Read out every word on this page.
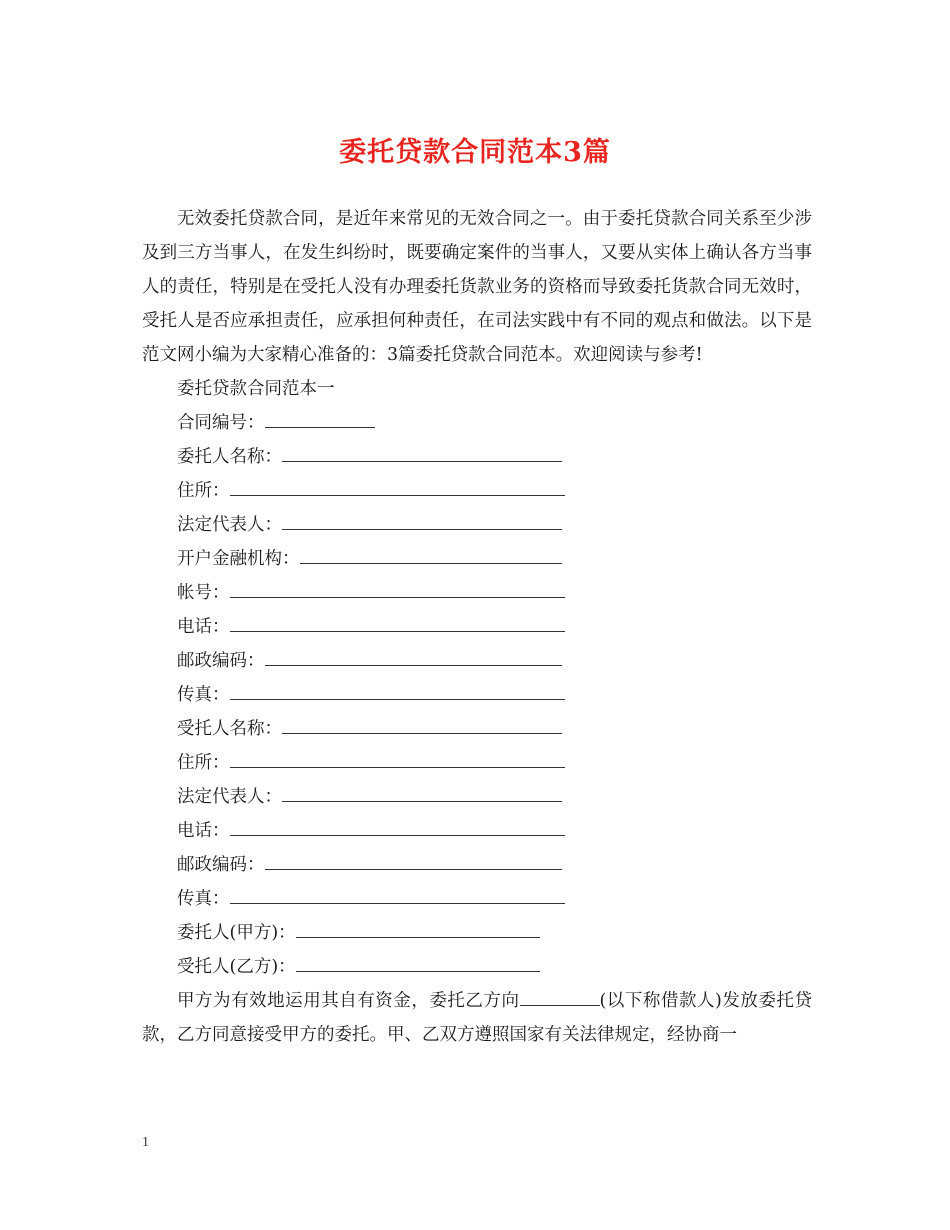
委托贷款合同范本3篇

无效委托贷款合同，是近年来常见的无效合同之一。由于委托贷款合同关系至少涉及到三方当事人，在发生纠纷时，既要确定案件的当事人，又要从实体上确认各方当事人的责任，特别是在受托人没有办理委托货款业务的资格而导致委托货款合同无效时，受托人是否应承担责任，应承担何种责任，在司法实践中有不同的观点和做法。以下是范文网小编为大家精心准备的：3篇委托贷款合同范本。欢迎阅读与参考!

委托贷款合同范本一

合同编号：

委托人名称：

住所：

法定代表人：

开户金融机构：

帐号：

电话：

邮政编码：

传真：

受托人名称：

住所：

法定代表人：

电话：

邮政编码：

传真：

委托人(甲方)：

受托人(乙方)：

甲方为有效地运用其自有资金，委托乙方向	(以下称借款人)发放委托贷款，乙方同意接受甲方的委托。甲、乙双方遵照国家有关法律规定，经协商一

1
